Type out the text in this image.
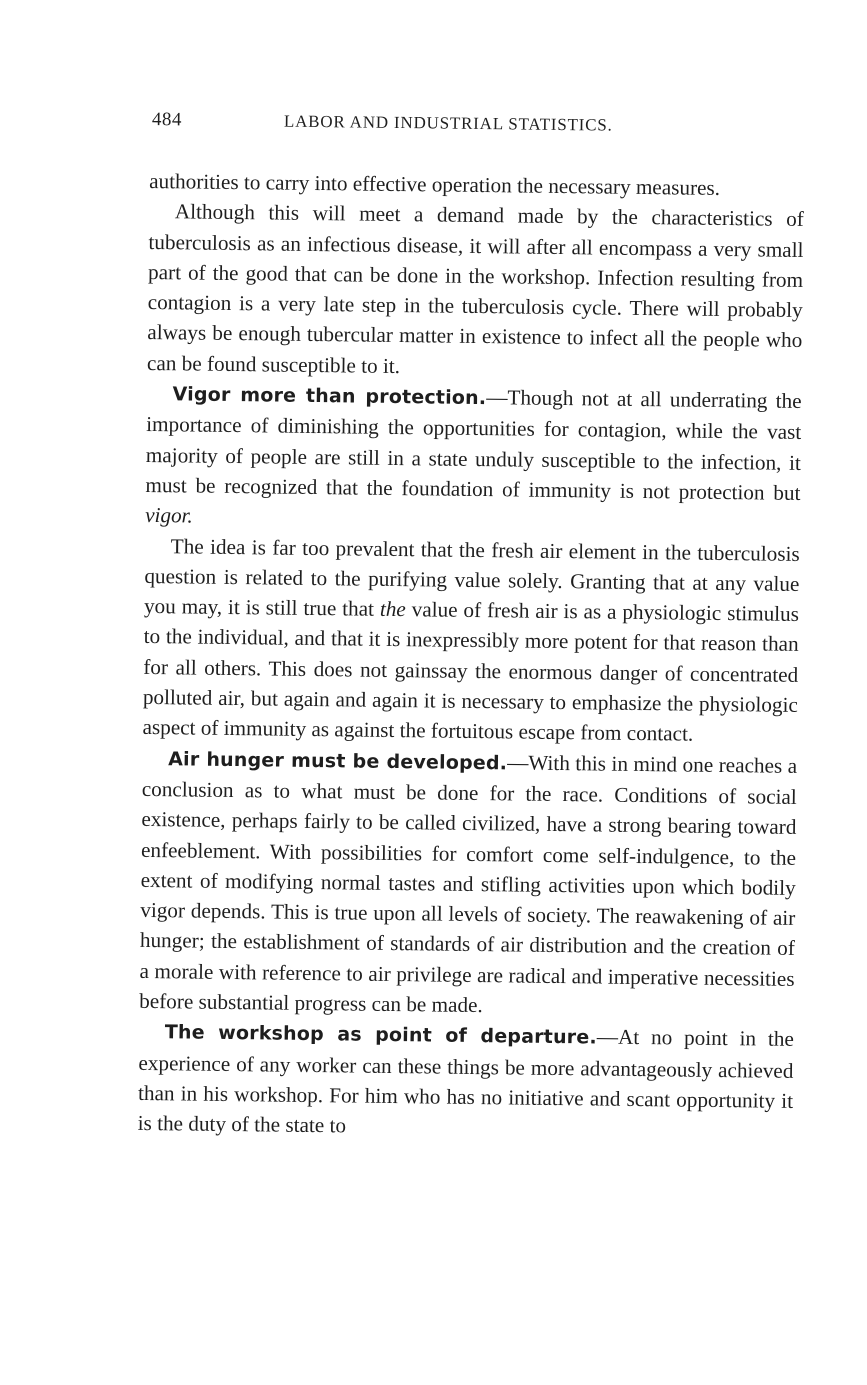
484	LABOR AND INDUSTRIAL STATISTICS.

authorities to carry into effective operation the necessary measures.

Although this will meet a demand made by the characteristics of tuberculosis as an infectious disease, it will after all encompass a very small part of the good that can be done in the workshop. Infection resulting from contagion is a very late step in the tuberculosis cycle. There will probably always be enough tubercular matter in existence to infect all the people who can be found susceptible to it.

Vigor more than protection.—Though not at all underrating the importance of diminishing the opportunities for contagion, while the vast majority of people are still in a state unduly susceptible to the infection, it must be recognized that the foundation of immunity is not protection but vigor.

The idea is far too prevalent that the fresh air element in the tuberculosis question is related to the purifying value solely. Granting that at any value you may, it is still true that the value of fresh air is as a physiologic stimulus to the individual, and that it is inexpressibly more potent for that reason than for all others. This does not gainssay the enormous danger of concentrated polluted air, but again and again it is necessary to emphasize the physiologic aspect of immunity as against the fortuitous escape from contact.

Air hunger must be developed.—With this in mind one reaches a conclusion as to what must be done for the race. Conditions of social existence, perhaps fairly to be called civilized, have a strong bearing toward enfeeblement. With possibilities for comfort come self-indulgence, to the extent of modifying normal tastes and stifling activities upon which bodily vigor depends. This is true upon all levels of society. The reawakening of air hunger; the establishment of standards of air distribution and the creation of a morale with reference to air privilege are radical and imperative necessities before substantial progress can be made.

The workshop as point of departure.—At no point in the experience of any worker can these things be more advantageously achieved than in his workshop. For him who has no initiative and scant opportunity it is the duty of the state to
